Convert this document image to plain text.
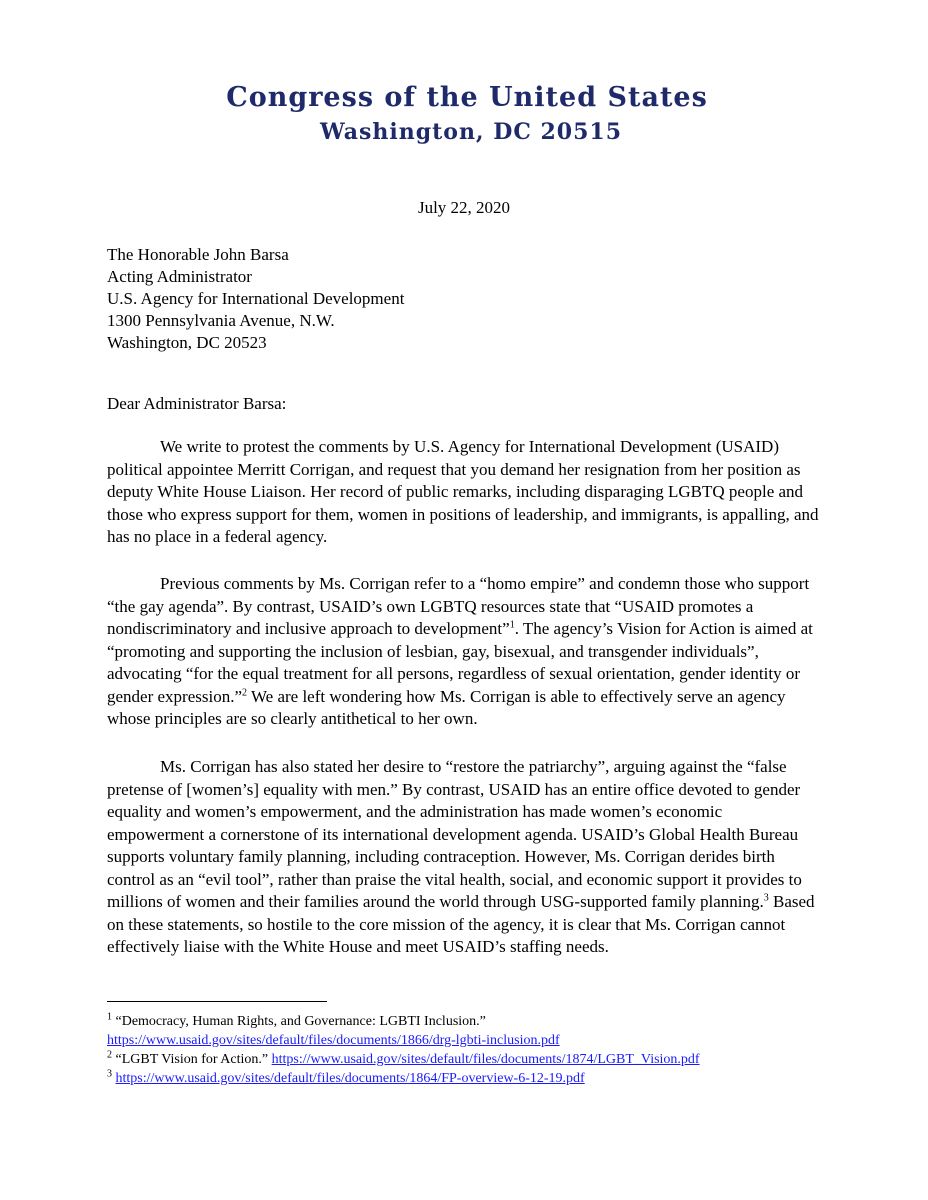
Congress of the United States
Washington, DC 20515
July 22, 2020
The Honorable John Barsa
Acting Administrator
U.S. Agency for International Development
1300 Pennsylvania Avenue, N.W.
Washington, DC 20523
Dear Administrator Barsa:

We write to protest the comments by U.S. Agency for International Development (USAID) political appointee Merritt Corrigan, and request that you demand her resignation from her position as deputy White House Liaison. Her record of public remarks, including disparaging LGBTQ people and those who express support for them, women in positions of leadership, and immigrants, is appalling, and has no place in a federal agency.

Previous comments by Ms. Corrigan refer to a “homo empire” and condemn those who support “the gay agenda”. By contrast, USAID’s own LGBTQ resources state that “USAID promotes a nondiscriminatory and inclusive approach to development”$^1$. The agency’s Vision for Action is aimed at “promoting and supporting the inclusion of lesbian, gay, bisexual, and transgender individuals”, advocating “for the equal treatment for all persons, regardless of sexual orientation, gender identity or gender expression.”$^2$ We are left wondering how Ms. Corrigan is able to effectively serve an agency whose principles are so clearly antithetical to her own.

Ms. Corrigan has also stated her desire to “restore the patriarchy”, arguing against the “false pretense of [women’s] equality with men.” By contrast, USAID has an entire office devoted to gender equality and women’s empowerment, and the administration has made women’s economic empowerment a cornerstone of its international development agenda. USAID’s Global Health Bureau supports voluntary family planning, including contraception. However, Ms. Corrigan derides birth control as an “evil tool”, rather than praise the vital health, social, and economic support it provides to millions of women and their families around the world through USG-supported family planning.$^3$ Based on these statements, so hostile to the core mission of the agency, it is clear that Ms. Corrigan cannot effectively liaise with the White House and meet USAID’s staffing needs.

$^1$ “Democracy, Human Rights, and Governance: LGBTI Inclusion.”
https://www.usaid.gov/sites/default/files/documents/1866/drg-lgbti-inclusion.pdf
$^2$ “LGBT Vision for Action.” https://www.usaid.gov/sites/default/files/documents/1874/LGBT_Vision.pdf
$^3$ https://www.usaid.gov/sites/default/files/documents/1864/FP-overview-6-12-19.pdf
